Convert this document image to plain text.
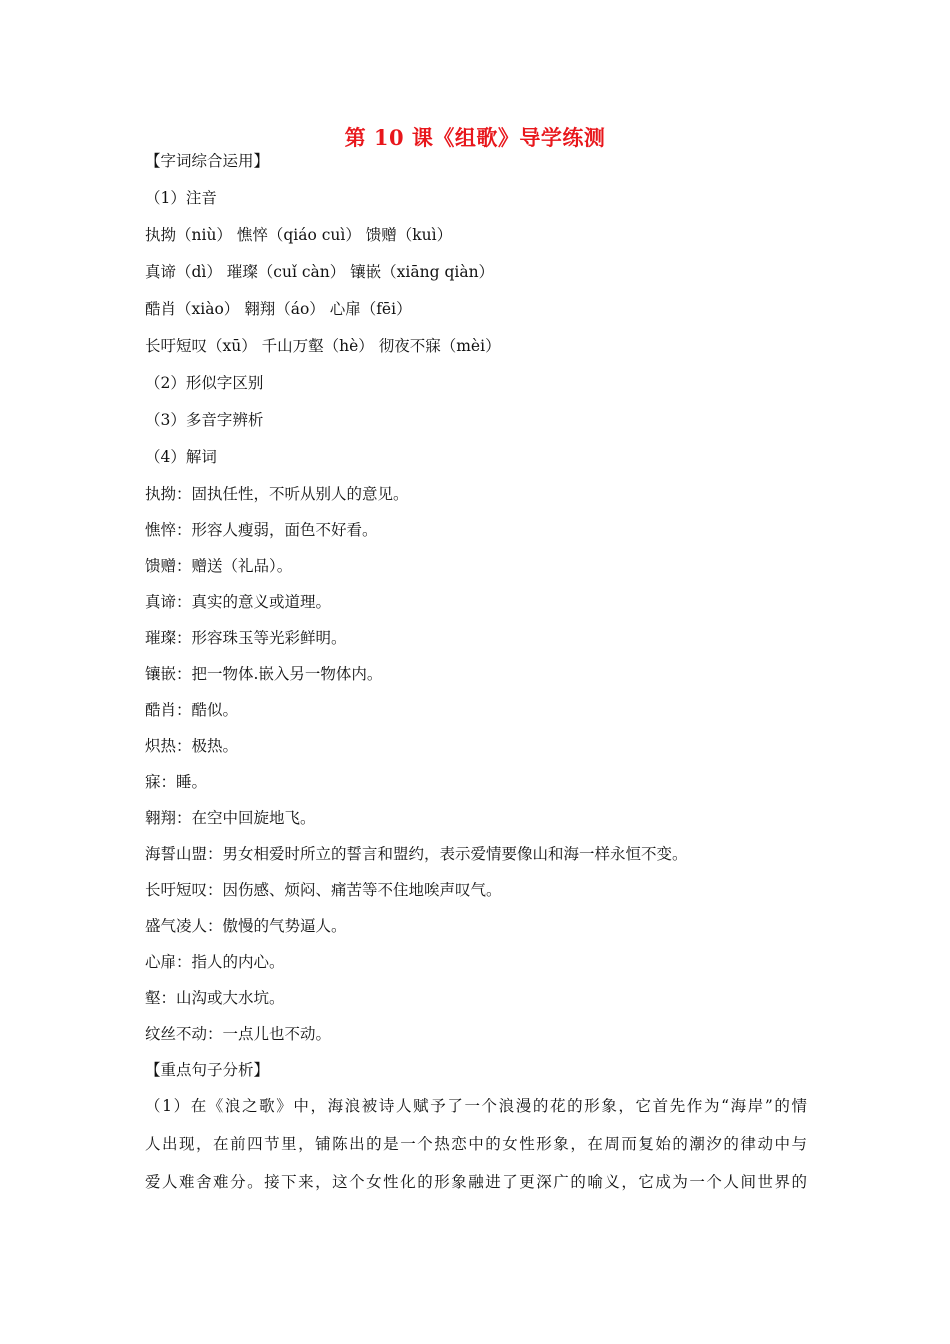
第 10 课《组歌》导学练测
【字词综合运用】
（1）注音
执拗（niù） 憔悴（qiáo cuì） 馈赠（kuì）
真谛（dì） 璀璨（cuǐ càn） 镶嵌（xiāng qiàn）
酷肖（xiào） 翱翔（áo） 心扉（fēi）
长吁短叹（xū） 千山万壑（hè） 彻夜不寐（mèi）
（2）形似字区别
（3）多音字辨析
（4）解词
执拗：固执任性，不听从别人的意见。
憔悴：形容人瘦弱，面色不好看。
馈赠：赠送（礼品）。
真谛：真实的意义或道理。
璀璨：形容珠玉等光彩鲜明。
镶嵌：把一物体.嵌入另一物体内。
酷肖：酷似。
炽热：极热。
寐：睡。
翱翔：在空中回旋地飞。
海誓山盟：男女相爱时所立的誓言和盟约，表示爱情要像山和海一样永恒不变。
长吁短叹：因伤感、烦闷、痛苦等不住地唉声叹气。
盛气凌人：傲慢的气势逼人。
心扉：指人的内心。
壑：山沟或大水坑。
纹丝不动：一点儿也不动。
【重点句子分析】
（1）在《浪之歌》中，海浪被诗人赋予了一个浪漫的花的形象，它首先作为“海岸”的情
人出现，在前四节里，铺陈出的是一个热恋中的女性形象，在周而复始的潮汐的律动中与
爱人难舍难分。接下来，这个女性化的形象融进了更深广的喻义，它成为一个人间世界的
